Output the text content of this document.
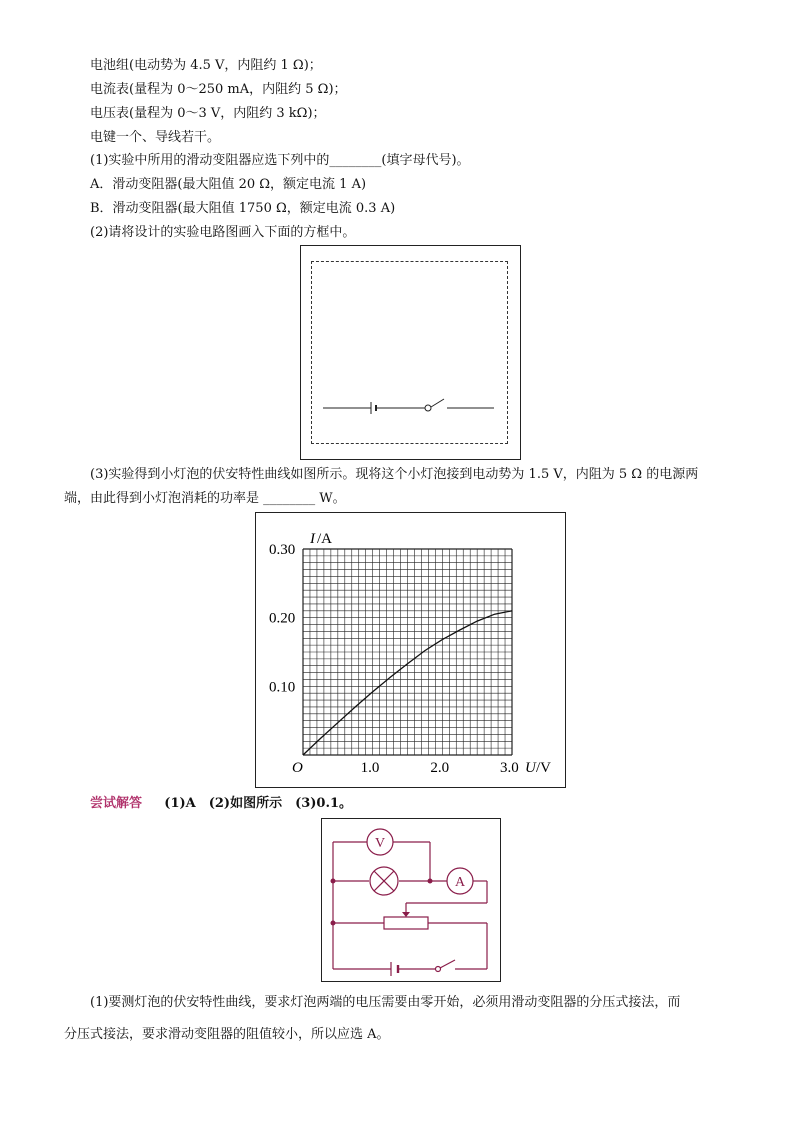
电池组(电动势为 4.5 V，内阻约 1 Ω)；
电流表(量程为 0～250 mA，内阻约 5 Ω)；
电压表(量程为 0～3 V，内阻约 3 kΩ)；
电键一个、导线若干。
(1)实验中所用的滑动变阻器应选下列中的________(填字母代号)。
A．滑动变阻器(最大阻值 20 Ω，额定电流 1 A)
B．滑动变阻器(最大阻值 1750 Ω，额定电流 0.3 A)
(2)请将设计的实验电路图画入下面的方框中。
(3)实验得到小灯泡的伏安特性曲线如图所示。现将这个小灯泡接到电动势为 1.5 V，内阻为 5 Ω 的电源两
端，由此得到小灯泡消耗的功率是 ________ W。
I /A
U /V
O	1.0	2.0	3.0
0.10
0.20
0.30
尝试解答 (1)A　(2)如图所示　(3)0.1。
V
A
(1)要测灯泡的伏安特性曲线，要求灯泡两端的电压需要由零开始，必须用滑动变阻器的分压式接法，而
分压式接法，要求滑动变阻器的阻值较小，所以应选 A。
